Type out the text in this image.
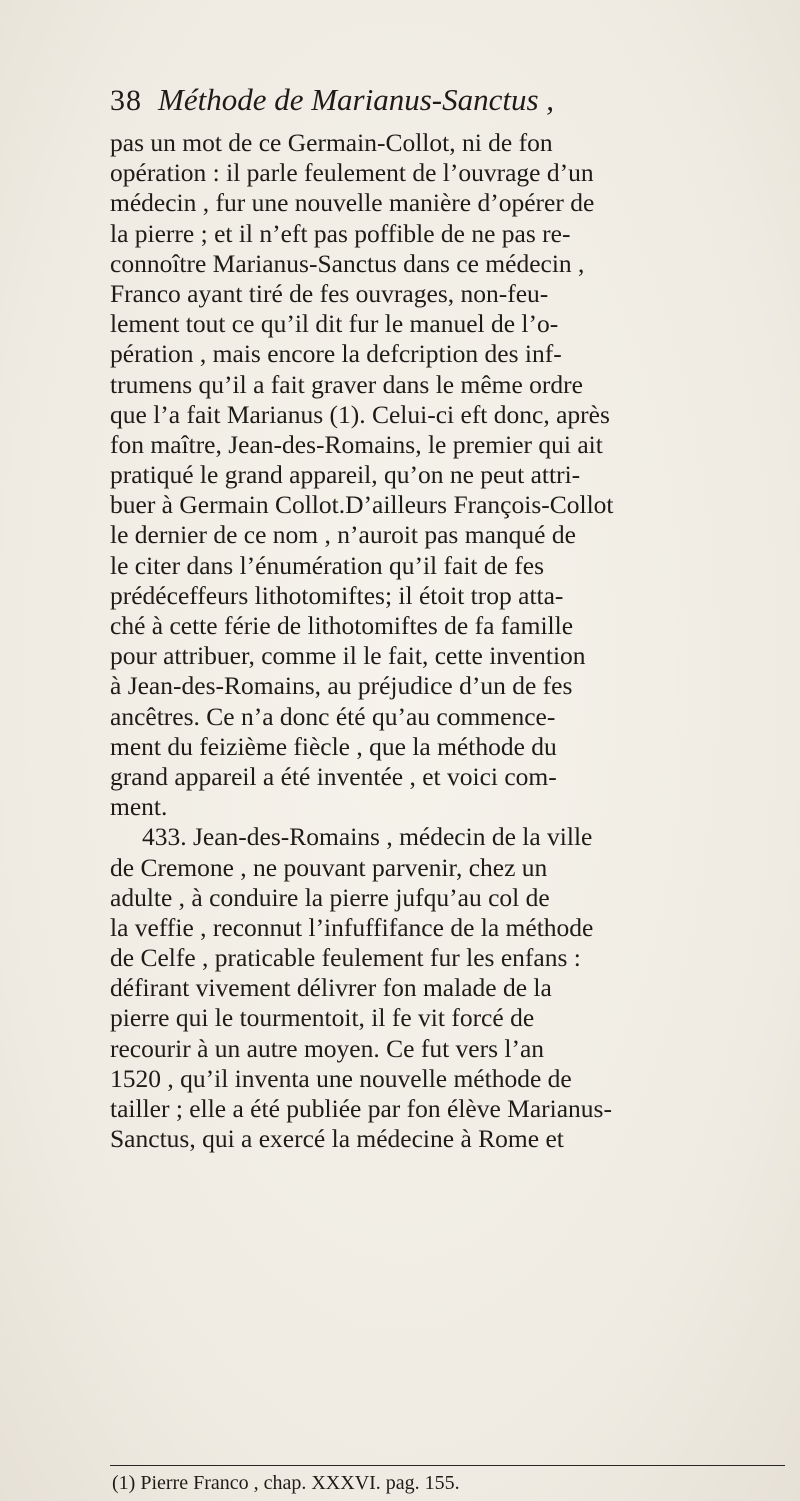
38 Méthode de Marianus-Sanctus ,
pas un mot de ce Germain-Collot, ni de fon
opération : il parle feulement de l’ouvrage d’un
médecin , fur une nouvelle manière d’opérer de
la pierre ; et il n’eft pas poffible de ne pas re-
connoître Marianus-Sanctus dans ce médecin ,
Franco ayant tiré de fes ouvrages, non-feu-
lement tout ce qu’il dit fur le manuel de l’o-
pération , mais encore la defcription des inf-
trumens qu’il a fait graver dans le même ordre
que l’a fait Marianus (1). Celui-ci eft donc, après
fon maître, Jean-des-Romains, le premier qui ait
pratiqué le grand appareil, qu’on ne peut attri-
buer à Germain Collot.D’ailleurs François-Collot
le dernier de ce nom , n’auroit pas manqué de
le citer dans l’énumération qu’il fait de fes
prédéceffeurs lithotomiftes; il étoit trop atta-
ché à cette férie de lithotomiftes de fa famille
pour attribuer, comme il le fait, cette invention
à Jean-des-Romains, au préjudice d’un de fes
ancêtres. Ce n’a donc été qu’au commence-
ment du feizième fiècle , que la méthode du
grand appareil a été inventée , et voici com-
ment.
433. Jean-des-Romains , médecin de la ville
de Cremone , ne pouvant parvenir, chez un
adulte , à conduire la pierre jufqu’au col de
la veffie , reconnut l’infuffifance de la méthode
de Celfe , praticable feulement fur les enfans :
défirant vivement délivrer fon malade de la
pierre qui le tourmentoit, il fe vit forcé de
recourir à un autre moyen. Ce fut vers l’an
1520 , qu’il inventa une nouvelle méthode de
tailler ; elle a été publiée par fon élève Marianus-
Sanctus, qui a exercé la médecine à Rome et
(1) Pierre Franco , chap. XXXVI. pag. 155.
